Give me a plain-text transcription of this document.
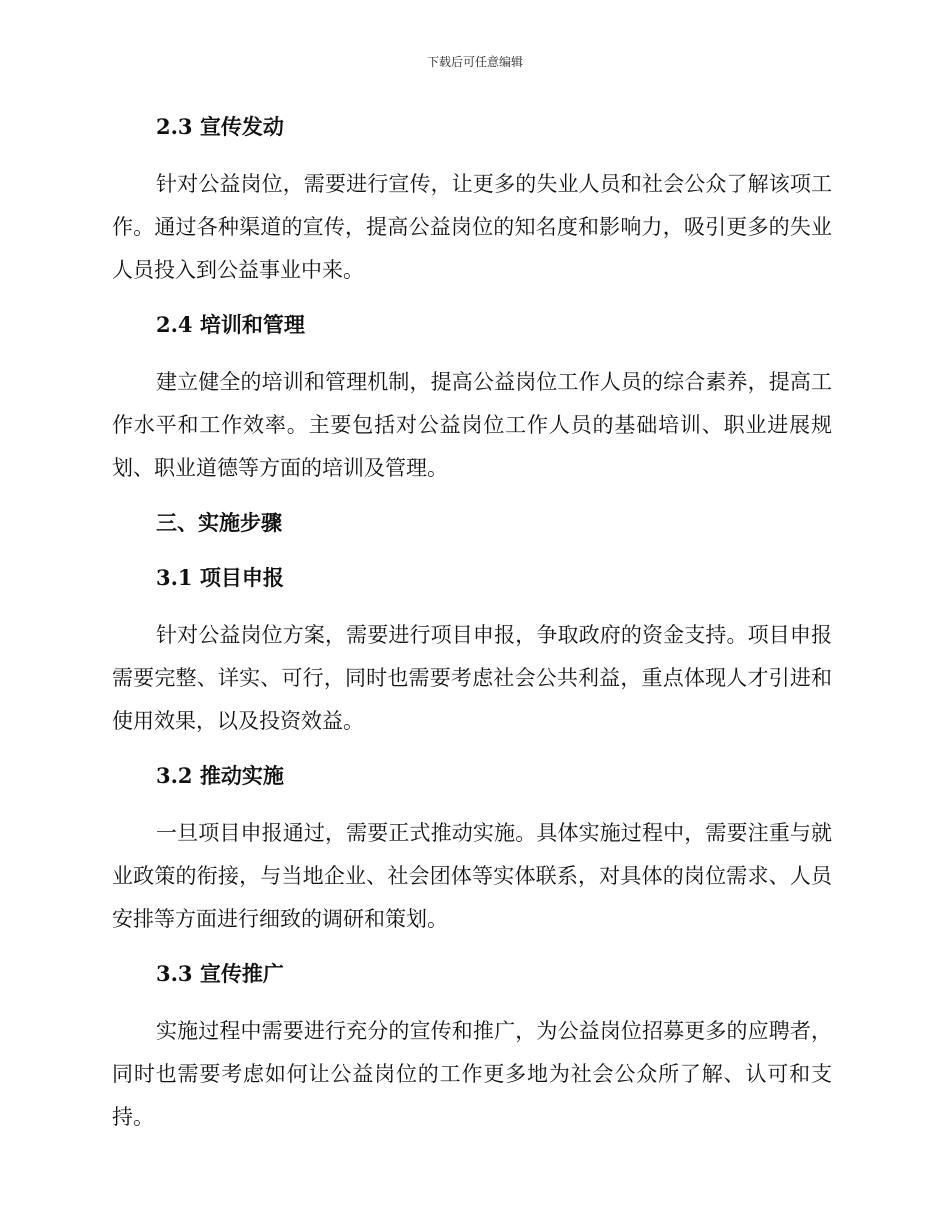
下载后可任意编辑
2.3 宣传发动

针对公益岗位，需要进行宣传，让更多的失业人员和社会公众了解该项工作。通过各种渠道的宣传，提高公益岗位的知名度和影响力，吸引更多的失业人员投入到公益事业中来。

2.4 培训和管理

建立健全的培训和管理机制，提高公益岗位工作人员的综合素养，提高工作水平和工作效率。主要包括对公益岗位工作人员的基础培训、职业进展规划、职业道德等方面的培训及管理。

三、实施步骤
3.1 项目申报

针对公益岗位方案，需要进行项目申报，争取政府的资金支持。项目申报需要完整、详实、可行，同时也需要考虑社会公共利益，重点体现人才引进和使用效果，以及投资效益。

3.2 推动实施

一旦项目申报通过，需要正式推动实施。具体实施过程中，需要注重与就业政策的衔接，与当地企业、社会团体等实体联系，对具体的岗位需求、人员安排等方面进行细致的调研和策划。

3.3 宣传推广

实施过程中需要进行充分的宣传和推广，为公益岗位招募更多的应聘者，同时也需要考虑如何让公益岗位的工作更多地为社会公众所了解、认可和支持。
